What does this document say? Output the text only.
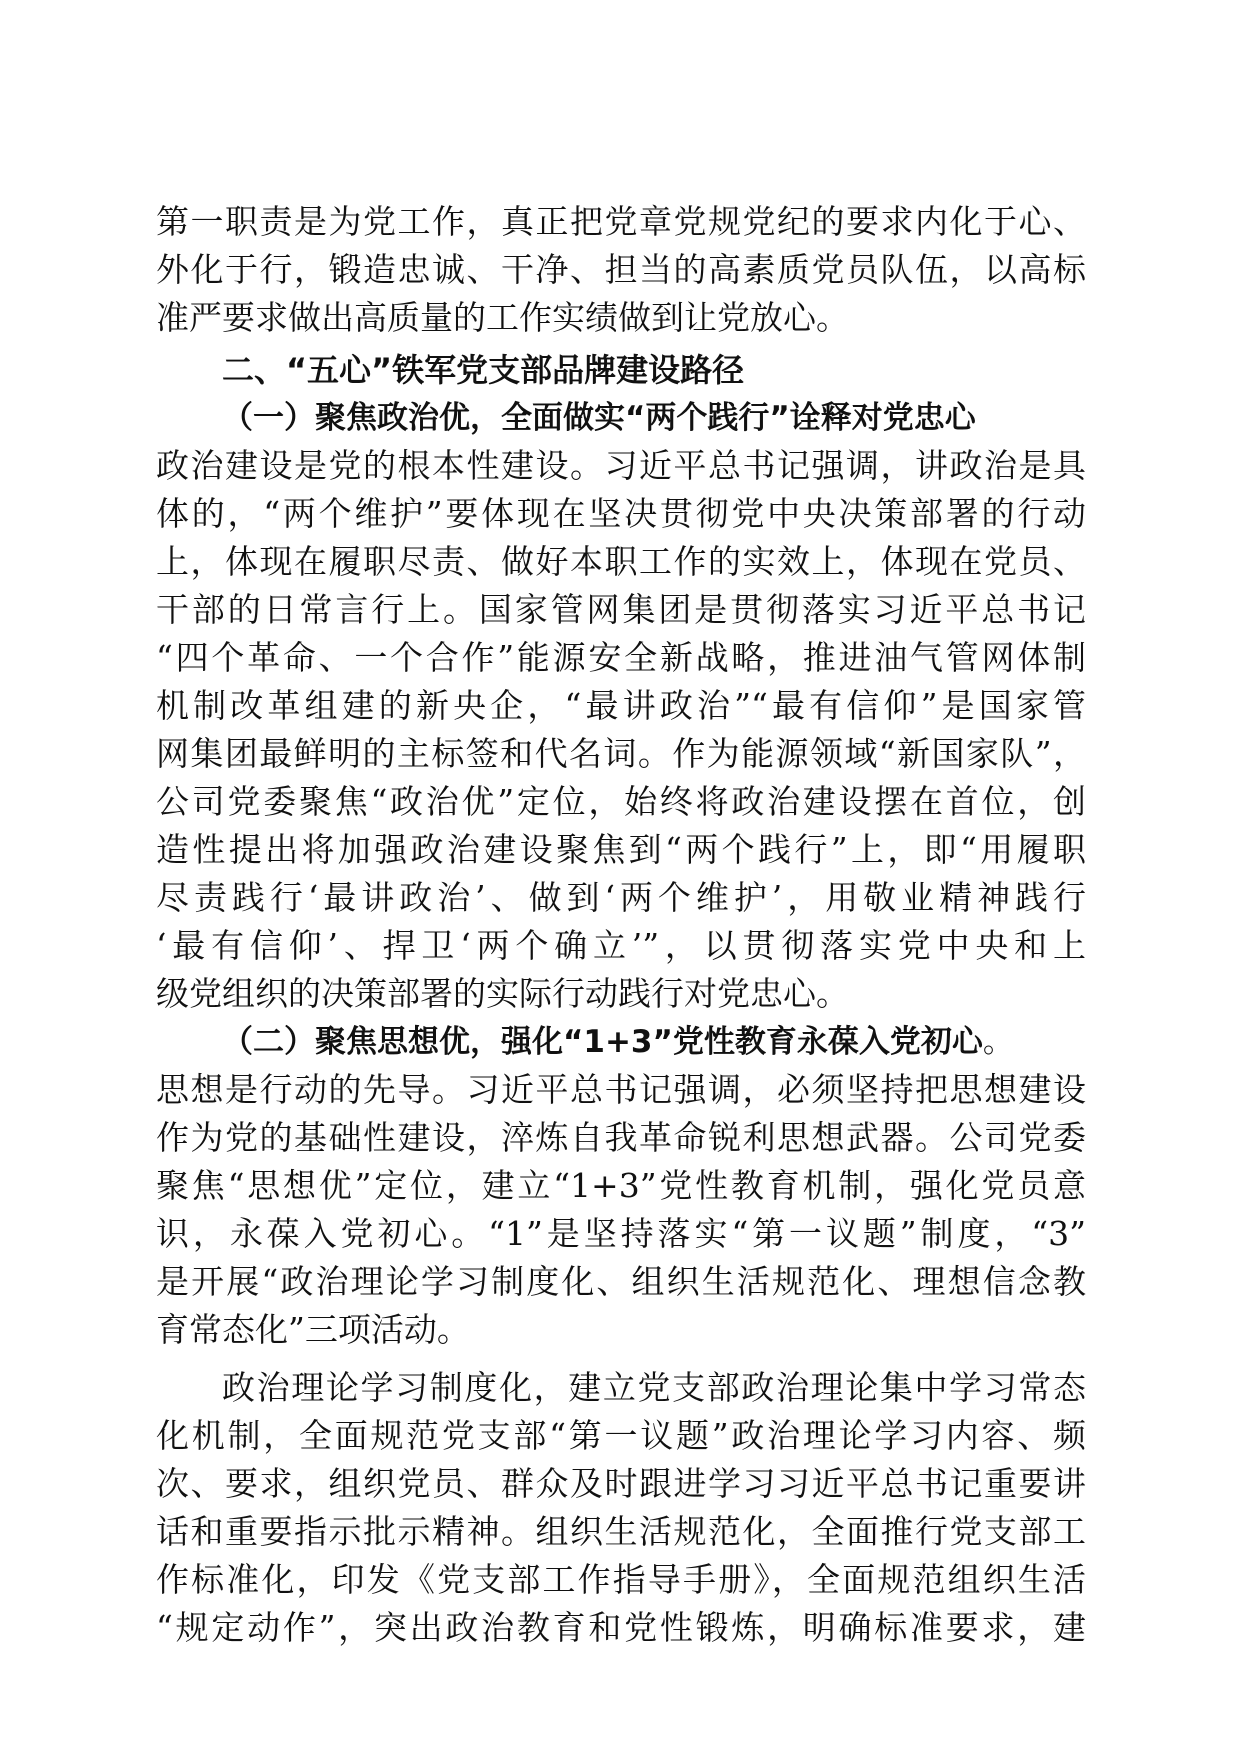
第一职责是为党工作，真正把党章党规党纪的要求内化于心、
外化于行，锻造忠诚、干净、担当的高素质党员队伍，以高标
准严要求做出高质量的工作实绩做到让党放心。
二、“五心”铁军党支部品牌建设路径
（一）聚焦政治优，全面做实“两个践行”诠释对党忠心
政治建设是党的根本性建设。习近平总书记强调，讲政治是具
体的，“两个维护”要体现在坚决贯彻党中央决策部署的行动
上，体现在履职尽责、做好本职工作的实效上，体现在党员、
干部的日常言行上。国家管网集团是贯彻落实习近平总书记
“四个革命、一个合作”能源安全新战略，推进油气管网体制
机制改革组建的新央企，“最讲政治”“最有信仰”是国家管
网集团最鲜明的主标签和代名词。作为能源领域“新国家队”，
公司党委聚焦“政治优”定位，始终将政治建设摆在首位，创
造性提出将加强政治建设聚焦到“两个践行”上，即“用履职
尽责践行‘最讲政治’、做到‘两个维护’，用敬业精神践行
‘最有信仰’、捍卫‘两个确立’”，以贯彻落实党中央和上
级党组织的决策部署的实际行动践行对党忠心。
（二）聚焦思想优，强化“1+3”党性教育永葆入党初心。
思想是行动的先导。习近平总书记强调，必须坚持把思想建设
作为党的基础性建设，淬炼自我革命锐利思想武器。公司党委
聚焦“思想优”定位，建立“1+3”党性教育机制，强化党员意
识，永葆入党初心。“1”是坚持落实“第一议题”制度，“3”
是开展“政治理论学习制度化、组织生活规范化、理想信念教
育常态化”三项活动。
政治理论学习制度化，建立党支部政治理论集中学习常态
化机制，全面规范党支部“第一议题”政治理论学习内容、频
次、要求，组织党员、群众及时跟进学习习近平总书记重要讲
话和重要指示批示精神。组织生活规范化，全面推行党支部工
作标准化，印发《党支部工作指导手册》，全面规范组织生活
“规定动作”，突出政治教育和党性锻炼，明确标准要求，建
